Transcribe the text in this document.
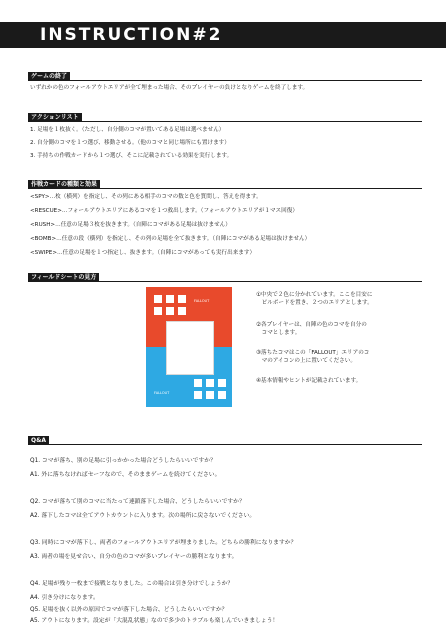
INSTRUCTION#2
ゲームの終了
いずれかの色のフォールアウトエリアが全て埋まった場合、そのプレイヤーの負けとなりゲームを終了します。
アクションリスト
1. 足場を１枚抜く。（ただし、自分側のコマが置いてある足場は選べません）
2. 自分側のコマを１つ選び、移動させる。（他のコマと同じ場所にも置けます）
3. 手持ちの作戦カードから１つ選び、そこに記載されている効果を実行します。
作戦カードの種類と効果
<SPY>…枚（横列）を指定し、その列にある相手のコマの数と色を質問し、答えを得ます。
<RESCUE>…フォールアウトエリアにあるコマを１つ救出します。（フォールアウトエリアが１マス回復）
<RUSH>…任意の足場３枚を抜きます。（自陣にコマがある足場は抜けません）
<BOMB>…任意の段（横列）を指定し、その列の足場を全て抜きます。（自陣にコマがある足場は抜けません）
<SWIPE>…任意の足場を１つ指定し、抜きます。（自陣にコマがあっても実行出来ます）
フィールドシートの見方
FALLOUT
FALLOUT
①中央で２色に分かれています。ここを目安に
　ピルボードを置き、２つのエリアとします。
②各プレイヤーは、自陣の色のコマを自分の
　コマとします。
③落ちたコマはこの「FALLOUT」エリアのコ
　マのアイコンの上に置いてください。
④基本情報やヒントが記載されています。
Q&A
Q1. コマが落ち、別の足場に引っかかった場合どうしたらいいですか？
A1. 外に落ちなければセーフなので、そのままゲームを続けてください。
Q2. コマが落ちて別のコマに当たって連鎖落下した場合、どうしたらいいですか？
A2. 落下したコマは全てアウトカウントに入ります。次の場所に戻さないでください。
Q3. 同時にコマが落下し、両者のフォールアウトエリアが埋まりました。どちらの勝利になりますか？
A3. 両者の場を見せ合い、自分の色のコマが多いプレイヤーの勝利となります。
Q4. 足場が残り一枚まで接戦となりました。この場合は引き分けでしょうか？
A4. 引き分けになります。
Q5. 足場を抜く以外の原因でコマが落下した場合、どうしたらいいですか？
A5. アウトになります。設定が「大混乱状態」なので多少のトラブルも楽しんでいきましょう！
